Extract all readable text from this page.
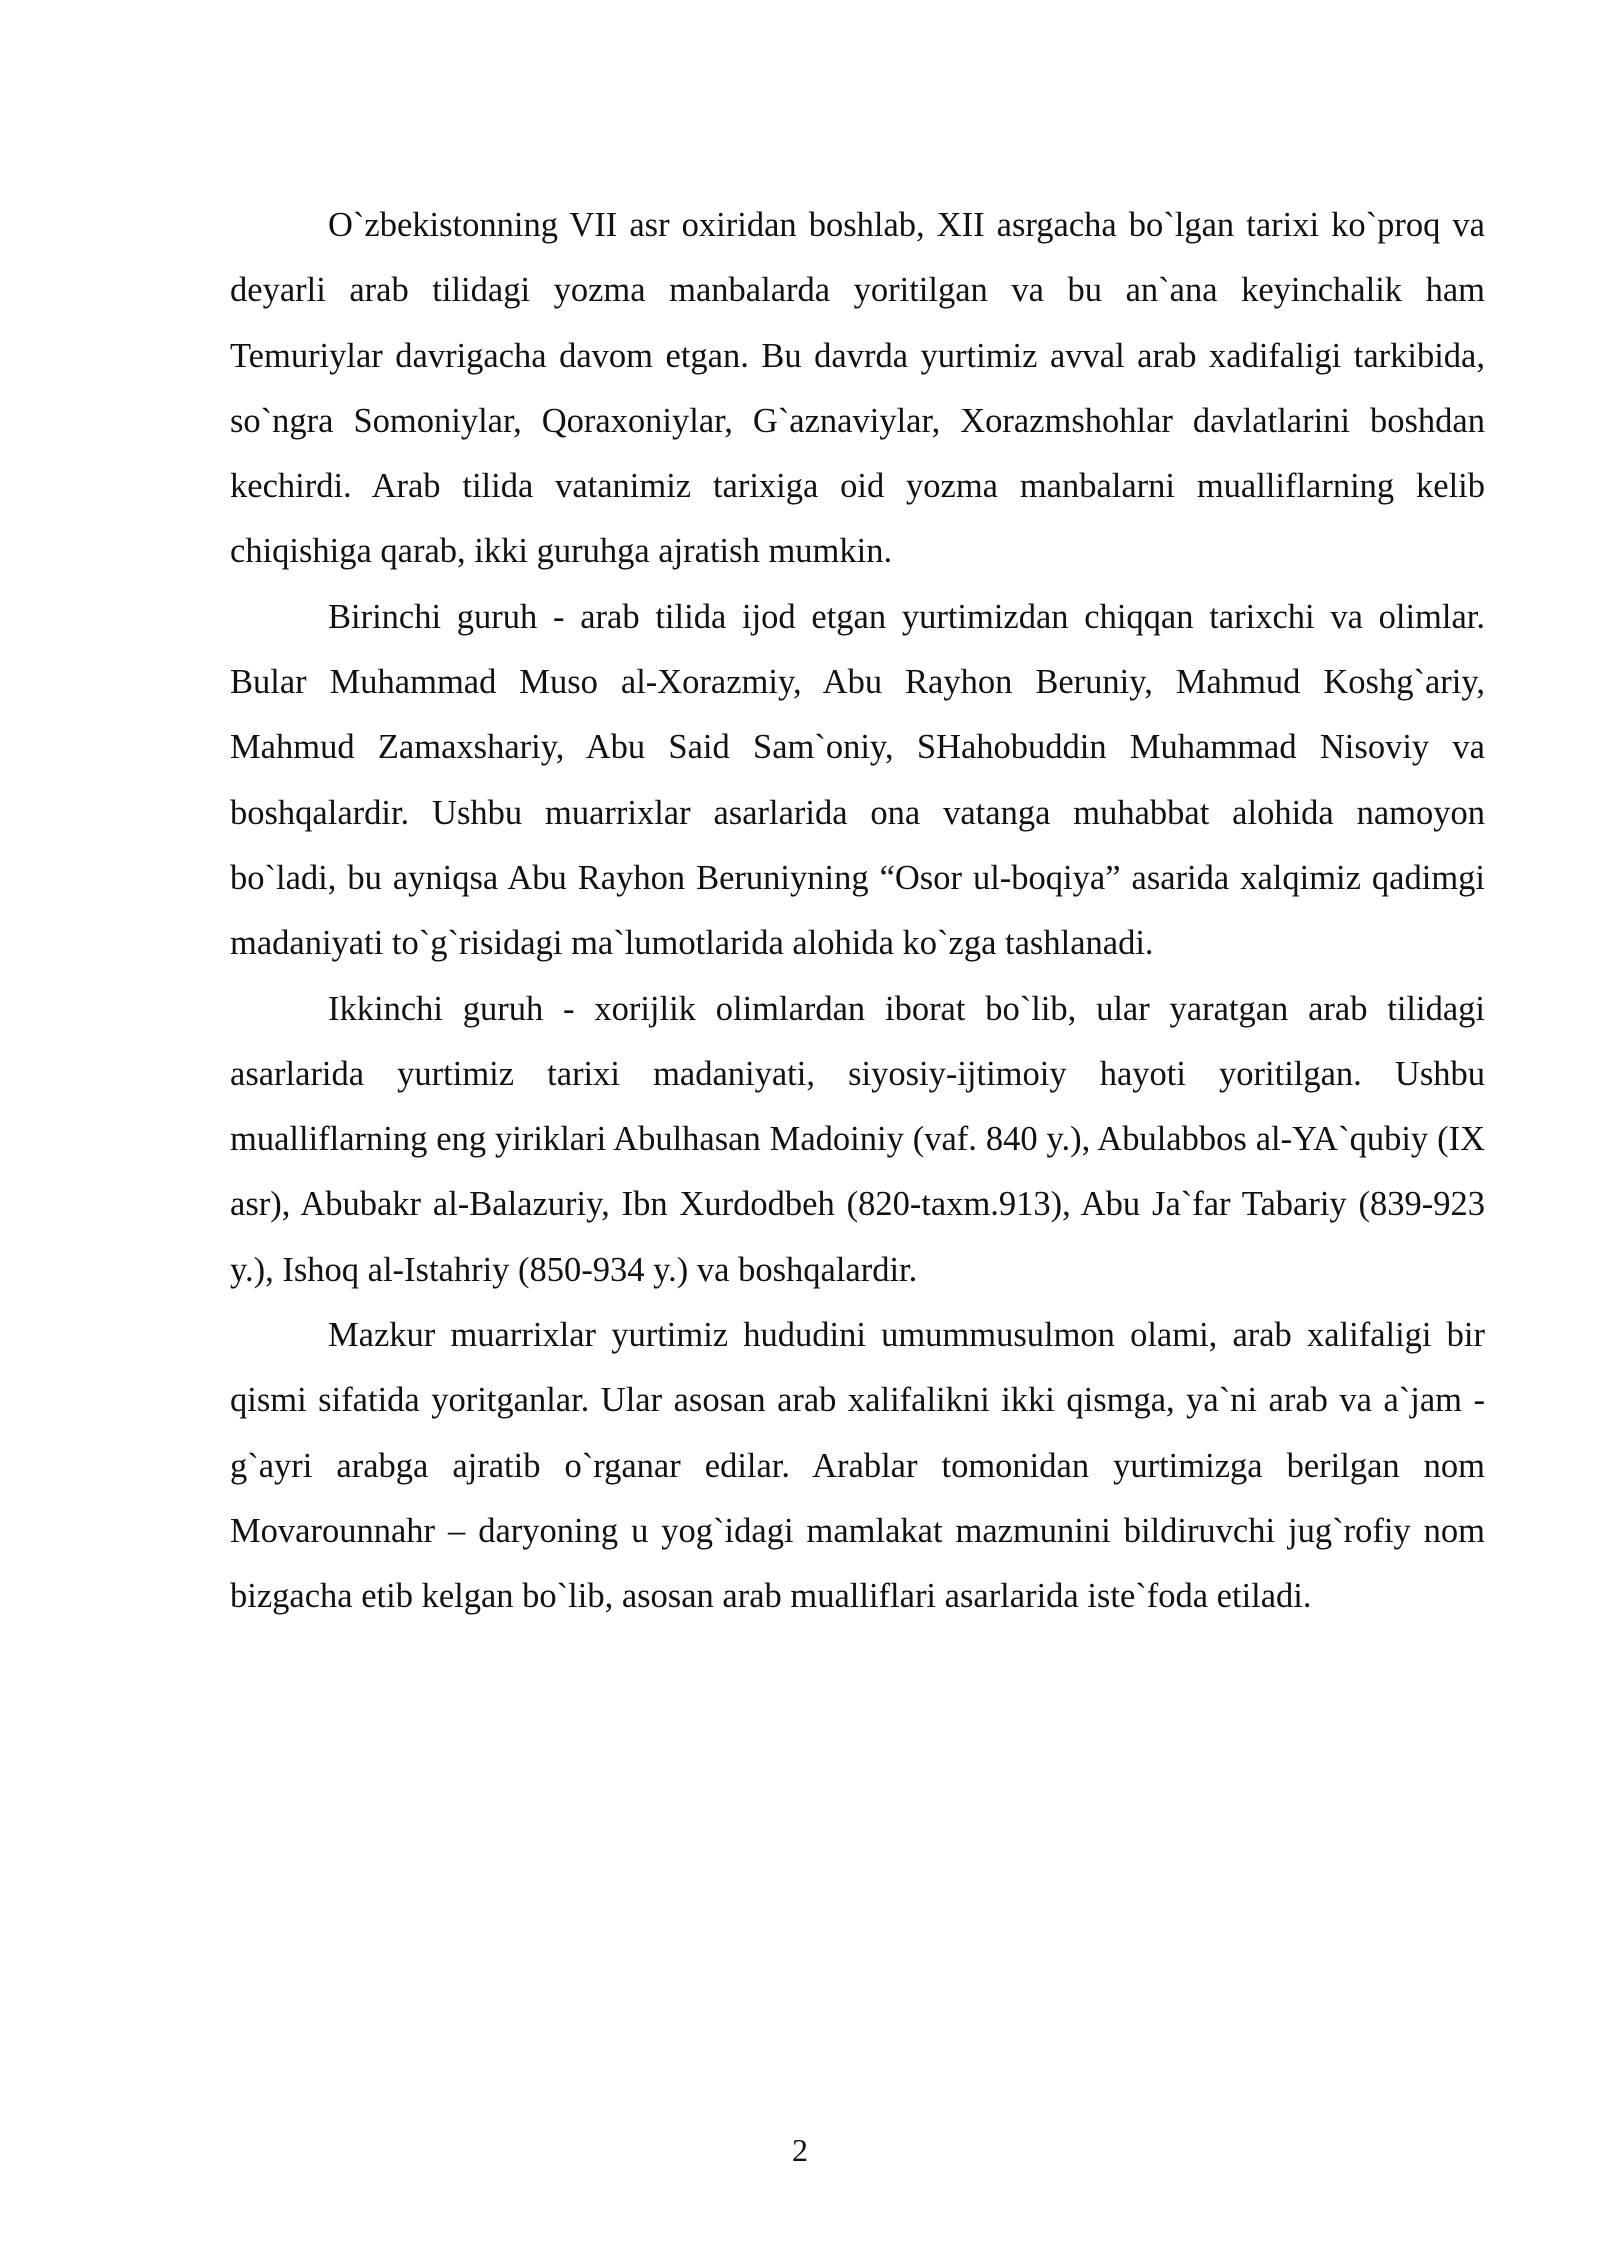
O`zbekistonning VII asr oxiridan boshlab, XII asrgacha bo`lgan tarixi ko`proq va deyarli arab tilidagi yozma manbalarda yoritilgan va bu an`ana keyinchalik ham Temuriylar davrigacha davom etgan. Bu davrda yurtimiz avval arab xadifaligi tarkibida, so`ngra Somoniylar, Qoraxoniylar, G`aznaviylar, Xorazmshohlar davlatlarini boshdan kechirdi. Arab tilida vatanimiz tarixiga oid yozma manbalarni mualliflarning kelib chiqishiga qarab, ikki guruhga ajratish mumkin.

Birinchi guruh - arab tilida ijod etgan yurtimizdan chiqqan tarixchi va olimlar. Bular Muhammad Muso al-Xorazmiy, Abu Rayhon Beruniy, Mahmud Koshg`ariy, Mahmud Zamaxshariy, Abu Said Sam`oniy, SHahobuddin Muhammad Nisoviy va boshqalardir. Ushbu muarrixlar asarlarida ona vatanga muhabbat alohida namoyon bo`ladi, bu ayniqsa Abu Rayhon Beruniyning “Osor ul-boqiya” asarida xalqimiz qadimgi madaniyati to`g`risidagi ma`lumotlarida alohida ko`zga tashlanadi.

Ikkinchi guruh - xorijlik olimlardan iborat bo`lib, ular yaratgan arab tilidagi asarlarida yurtimiz tarixi madaniyati, siyosiy-ijtimoiy hayoti yoritilgan. Ushbu mualliflarning eng yiriklari Abulhasan Madoiniy (vaf. 840 y.), Abulabbos al-YA`qubiy (IX asr), Abubakr al-Balazuriy, Ibn Xurdodbeh (820-taxm.913), Abu Ja`far Tabariy (839-923 y.), Ishoq al-Istahriy (850-934 y.) va boshqalardir.

Mazkur muarrixlar yurtimiz hududini umummusulmon olami, arab xalifaligi bir qismi sifatida yoritganlar. Ular asosan arab xalifalikni ikki qismga, ya`ni arab va a`jam - g`ayri arabga ajratib o`rganar edilar. Arablar tomonidan yurtimizga berilgan nom Movarounnahr – daryoning u yog`idagi mamlakat mazmunini bildiruvchi jug`rofiy nom bizgacha etib kelgan bo`lib, asosan arab mualliflari asarlarida iste`foda etiladi.

2
